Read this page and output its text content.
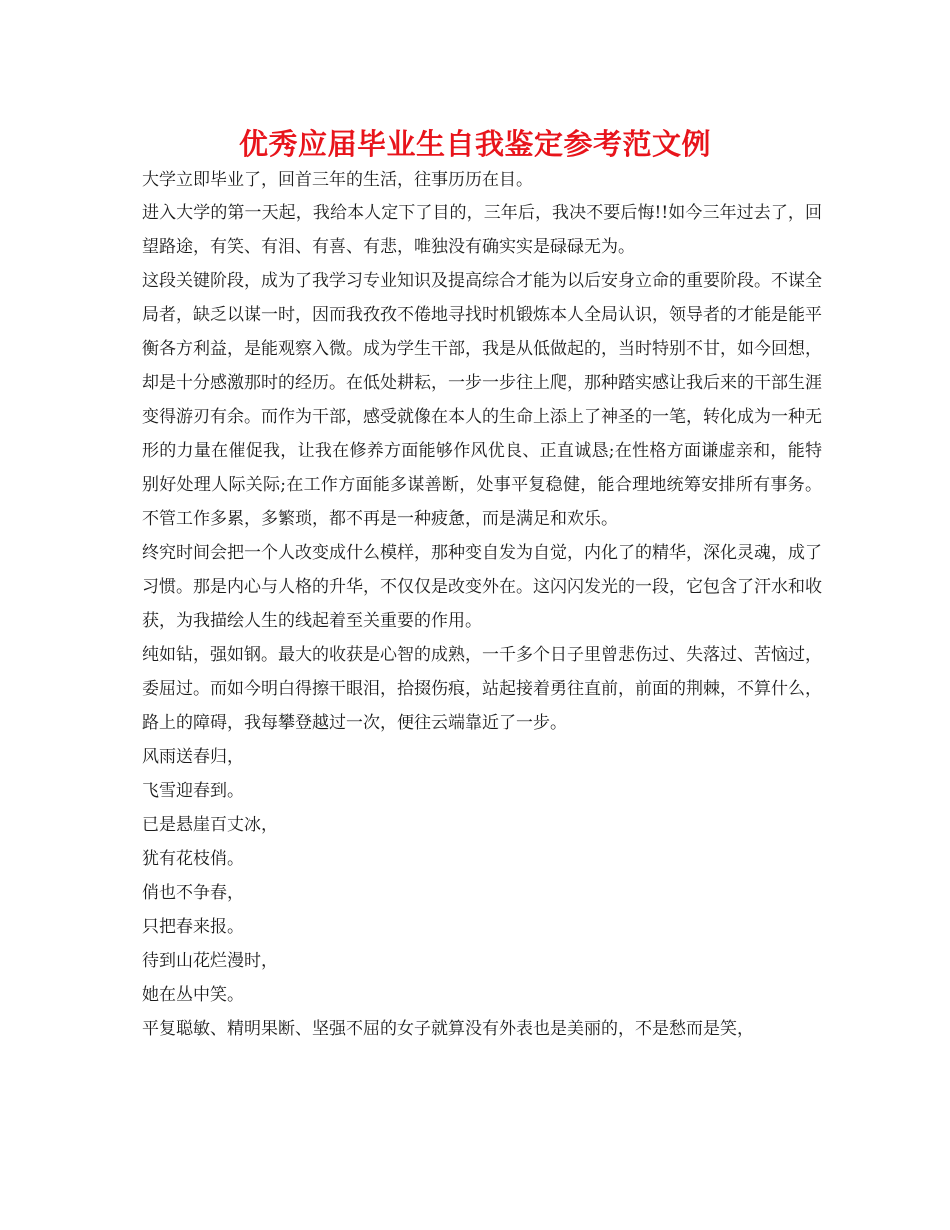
优秀应届毕业生自我鉴定参考范文例

大学立即毕业了，回首三年的生活，往事历历在目。

进入大学的第一天起，我给本人定下了目的，三年后，我决不要后悔!!如今三年过去了，回望路途，有笑、有泪、有喜、有悲，唯独没有确实实是碌碌无为。

这段关键阶段，成为了我学习专业知识及提高综合才能为以后安身立命的重要阶段。不谋全局者，缺乏以谋一时，因而我孜孜不倦地寻找时机锻炼本人全局认识，领导者的才能是能平衡各方利益，是能观察入微。成为学生干部，我是从低做起的，当时特别不甘，如今回想，却是十分感激那时的经历。在低处耕耘，一步一步往上爬，那种踏实感让我后来的干部生涯变得游刃有余。而作为干部，感受就像在本人的生命上添上了神圣的一笔，转化成为一种无形的力量在催促我，让我在修养方面能够作风优良、正直诚恳;在性格方面谦虚亲和，能特别好处理人际关际;在工作方面能多谋善断，处事平复稳健，能合理地统筹安排所有事务。不管工作多累，多繁琐，都不再是一种疲惫，而是满足和欢乐。

终究时间会把一个人改变成什么模样，那种变自发为自觉，内化了的精华，深化灵魂，成了习惯。那是内心与人格的升华，不仅仅是改变外在。这闪闪发光的一段，它包含了汗水和收获，为我描绘人生的线起着至关重要的作用。

纯如钻，强如钢。最大的收获是心智的成熟，一千多个日子里曾悲伤过、失落过、苦恼过，委屈过。而如今明白得擦干眼泪，拾掇伤痕，站起接着勇往直前，前面的荆棘，不算什么，路上的障碍，我每攀登越过一次，便往云端靠近了一步。

风雨送春归，

飞雪迎春到。

已是悬崖百丈冰，

犹有花枝俏。

俏也不争春，

只把春来报。

待到山花烂漫时，

她在丛中笑。

平复聪敏、精明果断、坚强不屈的女子就算没有外表也是美丽的，不是愁而是笑，
